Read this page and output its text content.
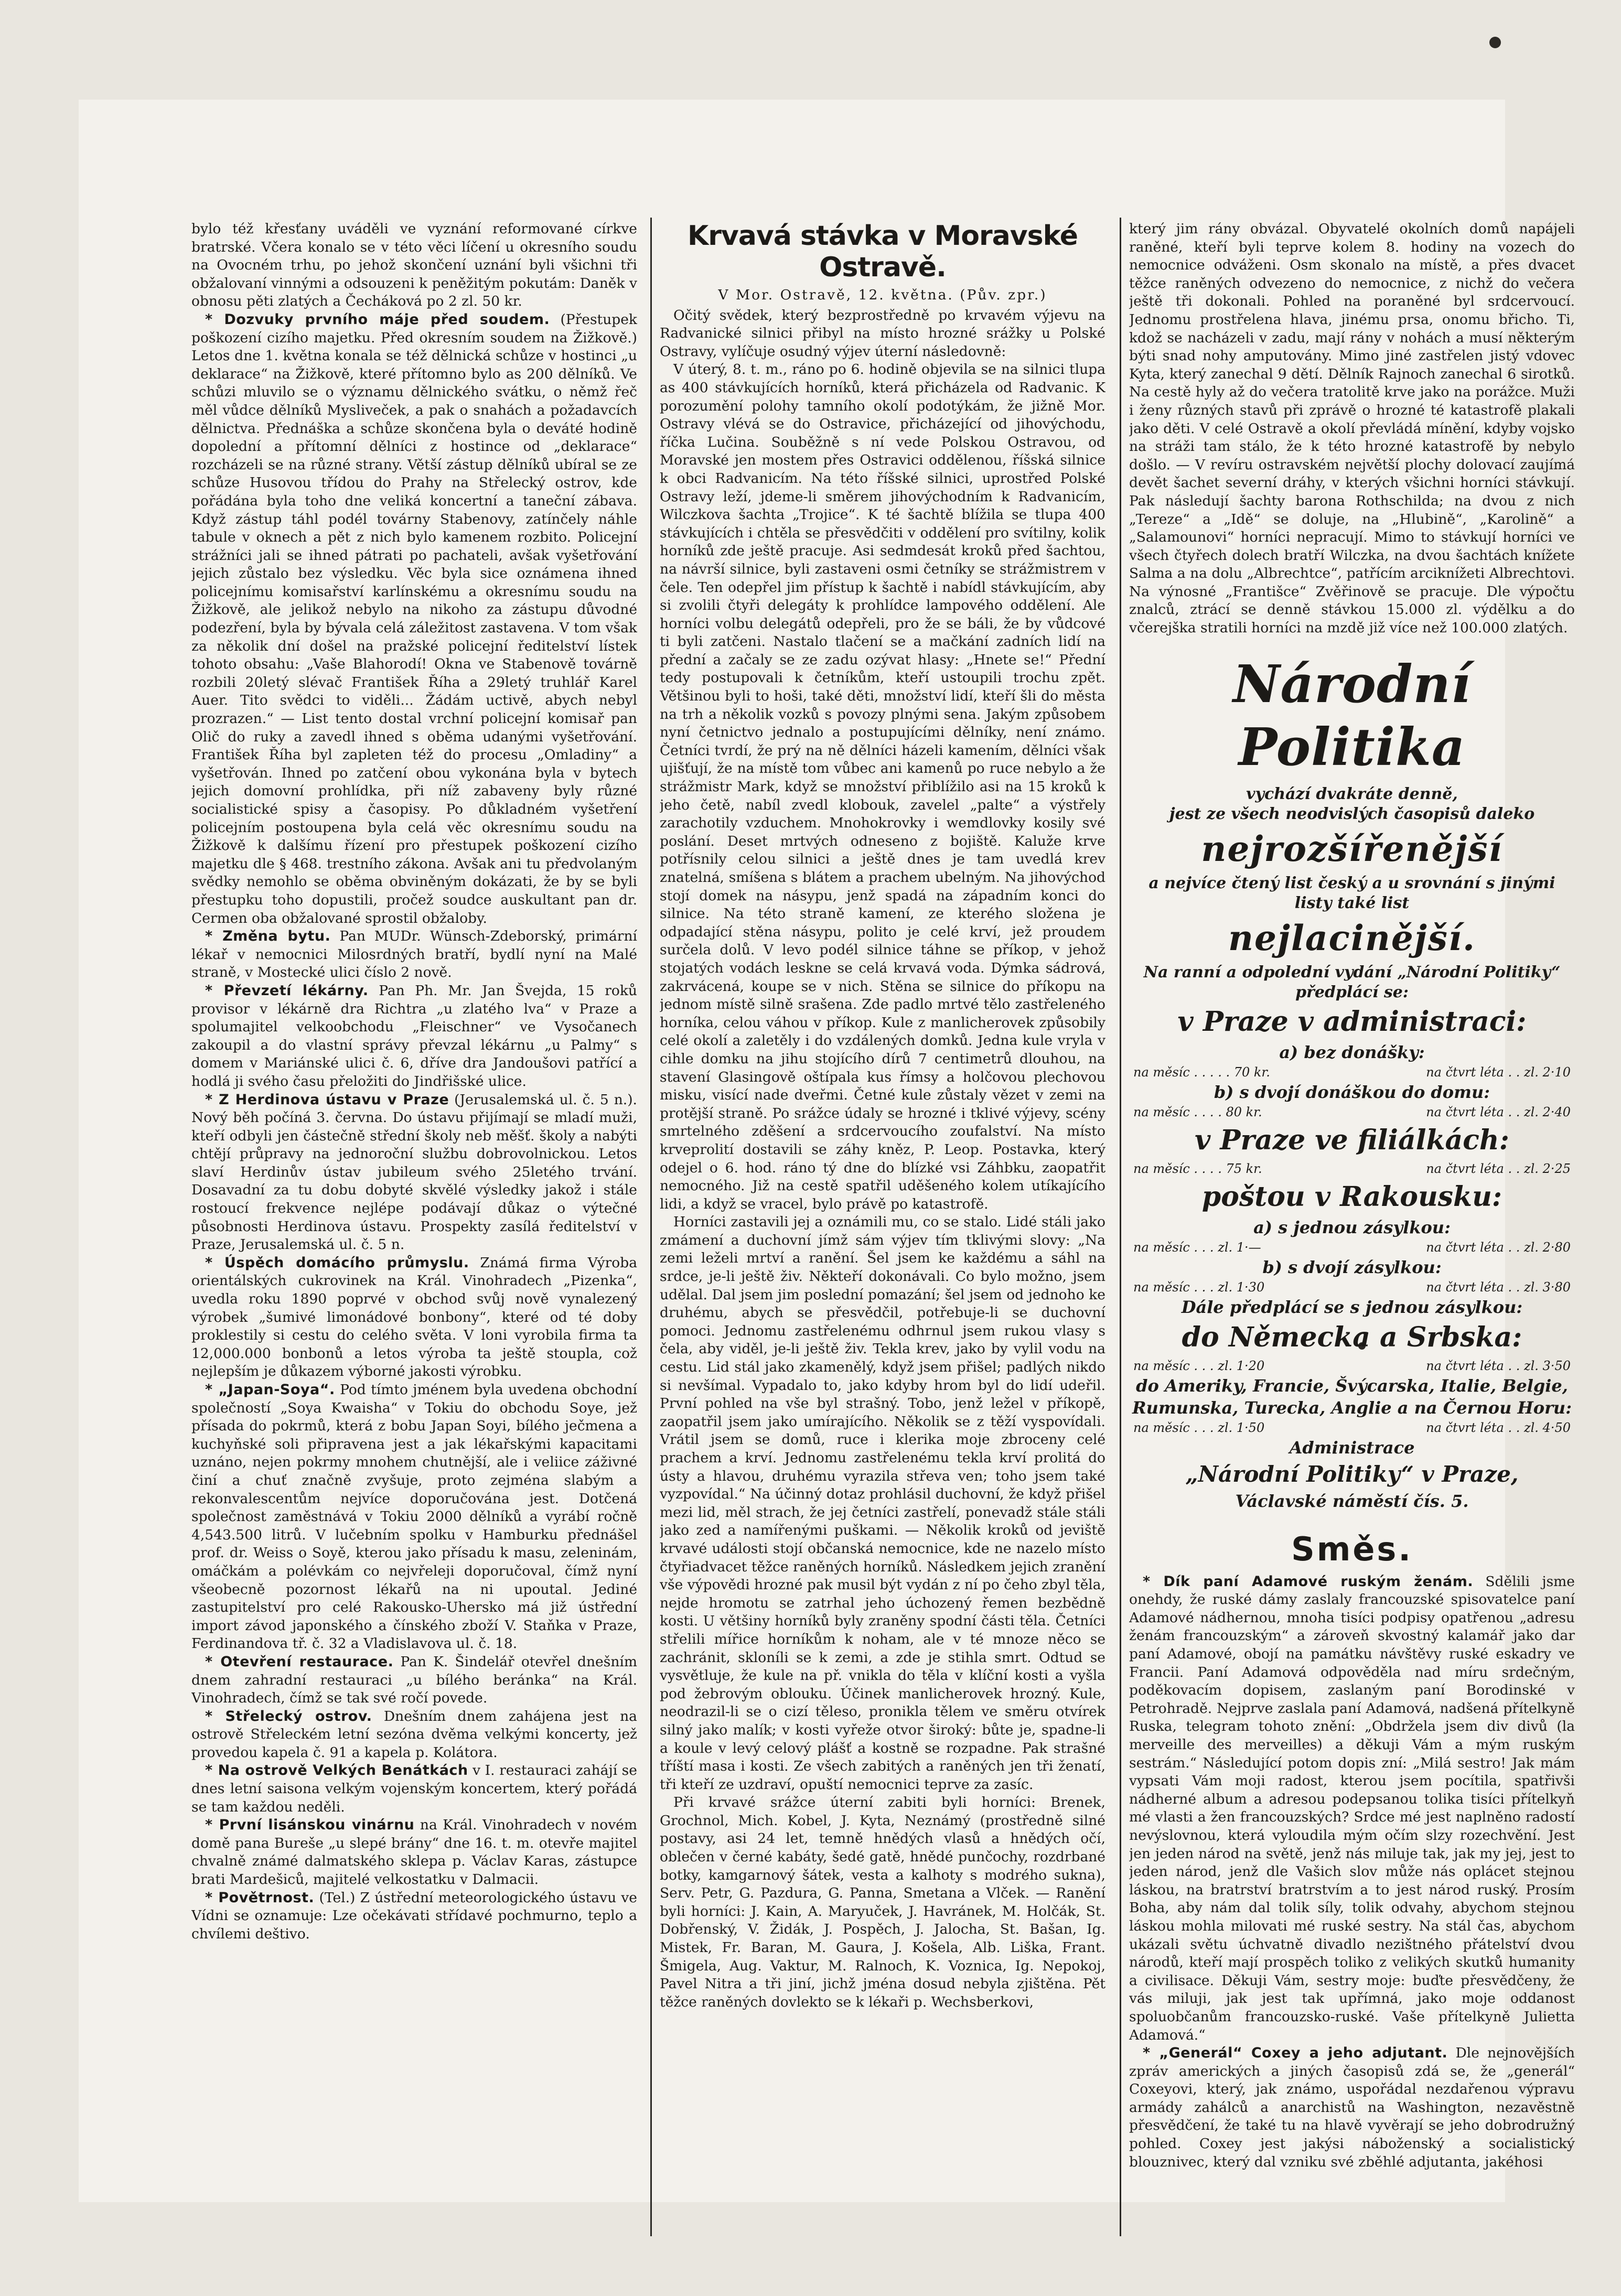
bylo též křesťany uváděli ve vyznání reformované církve bratrské. Včera konalo se v této věci líčení u okresního soudu na Ovocném trhu, po jehož skončení uznání byli všichni tři obžalovaní vinnými a odsouzeni k peněžitým pokutám: Daněk v obnosu pěti zlatých a Čecháková po 2 zl. 50 kr.

* Dozvuky prvního máje před soudem. (Přestupek poškození cizího majetku. Před okresním soudem na Žižkově.) Letos dne 1. května konala se též dělnická schůze v hostinci „u deklarace“ na Žižkově, které přítomno bylo as 200 dělníků. Ve schůzi mluvilo se o významu dělnického svátku, o němž řeč měl vůdce dělníků Mysliveček, a pak o snahách a požadavcích dělnictva. Přednáška a schůze skončena byla o deváté hodině dopolední a přítomní dělníci z hostince od „deklarace“ rozcházeli se na různé strany. Větší zástup dělníků ubíral se ze schůze Husovou třídou do Prahy na Střelecký ostrov, kde pořádána byla toho dne veliká koncertní a taneční zábava. Když zástup táhl podél továrny Stabenovy, zatínčely náhle tabule v oknech a pět z nich bylo kamenem rozbito. Policejní strážníci jali se ihned pátrati po pachateli, avšak vyšetřování jejich zůstalo bez výsledku. Věc byla sice oznámena ihned policejnímu komisařství karlínskému a okresnímu soudu na Žižkově, ale jelikož nebylo na nikoho za zástupu důvodné podezření, byla by bývala celá záležitost zastavena. V tom však za několik dní došel na pražské policejní ředitelství lístek tohoto obsahu: „Vaše Blahorodí! Okna ve Stabenově továrně rozbili 20letý slévač František Říha a 29letý truhlář Karel Auer. Tito svědci to viděli... Žádám uctivě, abych nebyl prozrazen.“ — List tento dostal vrchní policejní komisař pan Olič do ruky a zavedl ihned s oběma udanými vyšetřování. František Říha byl zapleten též do procesu „Omladiny“ a vyšetřován. Ihned po zatčení obou vykonána byla v bytech jejich domovní prohlídka, při níž zabaveny byly různé socialistické spisy a časopisy. Po důkladném vyšetření policejním postoupena byla celá věc okresnímu soudu na Žižkově k dalšímu řízení pro přestupek poškození cizího majetku dle § 468. trestního zákona. Avšak ani tu předvolaným svědky nemohlo se oběma obviněným dokázati, že by se byli přestupku toho dopustili, pročež soudce auskultant pan dr. Cermen oba obžalované sprostil obžaloby.

* Změna bytu. Pan MUDr. Wünsch-Zdeborský, primární lékař v nemocnici Milosrdných bratří, bydlí nyní na Malé straně, v Mostecké ulici číslo 2 nově.

* Převzetí lékárny. Pan Ph. Mr. Jan Švejda, 15 roků provisor v lékárně dra Richtra „u zlatého lva“ v Praze a spolumajitel velkoobchodu „Fleischner“ ve Vysočanech zakoupil a do vlastní správy převzal lékárnu „u Palmy“ s domem v Mariánské ulici č. 6, dříve dra Jandoušovi patřící a hodlá ji svého času přeložiti do Jindřišské ulice.

* Z Herdinova ústavu v Praze (Jerusalemská ul. č. 5 n.). Nový běh počíná 3. června. Do ústavu přijímají se mladí muži, kteří odbyli jen částečně střední školy neb měšť. školy a nabýti chtějí průpravy na jednoroční službu dobrovolnickou. Letos slaví Herdinův ústav jubileum svého 25letého trvání. Dosavadní za tu dobu dobyté skvělé výsledky jakož i stále rostoucí frekvence nejlépe podávají důkaz o výtečné působnosti Herdinova ústavu. Prospekty zasílá ředitelství v Praze, Jerusalemská ul. č. 5 n.

* Úspěch domácího průmyslu. Známá firma Výroba orientálských cukrovinek na Král. Vinohradech „Pizenka“, uvedla roku 1890 poprvé v obchod svůj nově vynalezený výrobek „šumivé limonádové bonbony“, které od té doby proklestily si cestu do celého světa. V loni vyrobila firma ta 12,000.000 bonbonů a letos výroba ta ještě stoupla, což nejlepším je důkazem výborné jakosti výrobku.

* „Japan-Soya“. Pod tímto jménem byla uvedena obchodní společností „Soya Kwaisha“ v Tokiu do obchodu Soye, jež přísada do pokrmů, která z bobu Japan Soyi, bílého ječmena a kuchyňské soli připravena jest a jak lékařskými kapacitami uznáno, nejen pokrmy mnohem chutnější, ale i veliice záživné činí a chuť značně zvyšuje, proto zejména slabým a rekonvalescentům nejvíce doporučována jest. Dotčená společnost zaměstnává v Tokiu 2000 dělníků a vyrábí ročně 4,543.500 litrů. V lučebním spolku v Hamburku přednášel prof. dr. Weiss o Soyě, kterou jako přísadu k masu, zeleninám, omáčkám a polévkám co nejvřeleji doporučoval, čímž nyní všeobecně pozornost lékařů na ni upoutal. Jediné zastupitelství pro celé Rakousko-Uhersko má již ústřední import závod japonského a čínského zboží V. Staňka v Praze, Ferdinandova tř. č. 32 a Vladislavova ul. č. 18.

* Otevření restaurace. Pan K. Šindelář otevřel dnešním dnem zahradní restauraci „u bílého beránka“ na Král. Vinohradech, čímž se tak své ročí povede.

* Střelecký ostrov. Dnešním dnem zahájena jest na ostrově Střeleckém letní sezóna dvěma velkými koncerty, jež provedou kapela č. 91 a kapela p. Kolátora.

* Na ostrově Velkých Benátkách v I. restauraci zahájí se dnes letní saisona velkým vojenským koncertem, který pořádá se tam každou neděli.

* První lisánskou vinárnu na Král. Vinohradech v novém domě pana Bureše „u slepé brány“ dne 16. t. m. otevře majitel chvalně známé dalmatského sklepa p. Václav Karas, zástupce brati Mardešiců, majitelé velkostatku v Dalmacii.

* Povětrnost. (Tel.) Z ústřední meteorologického ústavu ve Vídni se oznamuje: Lze očekávati střídavé pochmurno, teplo a chvílemi deštivo.

Krvavá stávka v Moravské Ostravě.
V Mor. Ostravě, 12. května. (Pův. zpr.)

Očitý svědek, který bezprostředně po krvavém výjevu na Radvanické silnici přibyl na místo hrozné srážky u Polské Ostravy, vylíčuje osudný výjev úterní následovně:

V úterý, 8. t. m., ráno po 6. hodině objevila se na silnici tlupa as 400 stávkujících horníků, která přicházela od Radvanic. K porozumění polohy tamního okolí podotýkám, že jižně Mor. Ostravy vlévá se do Ostravice, přicházející od jihovýchodu, říčka Lučina. Souběžně s ní vede Polskou Ostravou, od Moravské jen mostem přes Ostravici oddělenou, říšská silnice k obci Radvanicím. Na této říšské silnici, uprostřed Polské Ostravy leží, jdeme-li směrem jihovýchodním k Radvanicím, Wilczkova šachta „Trojice“. K té šachtě blížila se tlupa 400 stávkujících i chtěla se přesvědčiti v oddělení pro svítilny, kolik horníků zde ještě pracuje. Asi sedmdesát kroků před šachtou, na návrší silnice, byli zastaveni osmi četníky se strážmistrem v čele. Ten odepřel jim přístup k šachtě i nabídl stávkujícím, aby si zvolili čtyři delegáty k prohlídce lampového oddělení. Ale horníci volbu delegátů odepřeli, pro že se báli, že by vůdcové ti byli zatčeni. Nastalo tlačení se a mačkání zadních lidí na přední a začaly se ze zadu ozývat hlasy: „Hnete se!“ Přední tedy postupovali k četníkům, kteří ustoupili trochu zpět. Většinou byli to hoši, také děti, množství lidí, kteří šli do města na trh a několik vozků s povozy plnými sena. Jakým způsobem nyní četnictvo jednalo a postupujícími dělníky, není známo. Četníci tvrdí, že prý na ně dělníci házeli kamením, dělníci však ujišťují, že na místě tom vůbec ani kamenů po ruce nebylo a že strážmistr Mark, když se množství přiblížilo asi na 15 kroků k jeho četě, nabíl zvedl klobouk, zavelel „palte“ a výstřely zarachotily vzduchem. Mnohokrovky i wemdlovky kosily své poslání. Deset mrtvých odneseno z bojiště. Kaluže krve potřísnily celou silnici a ještě dnes je tam uvedlá krev znatelná, smíšena s blátem a prachem ubelným. Na jihovýchod stojí domek na násypu, jenž spadá na západním konci do silnice. Na této straně kamení, ze kterého složena je odpadající stěna násypu, polito je celé krví, jež proudem surčela dolů. V levo podél silnice táhne se příkop, v jehož stojatých vodách leskne se celá krvavá voda. Dýmka sádrová, zakrvácená, koupe se v nich. Stěna se silnice do příkopu na jednom místě silně srašena. Zde padlo mrtvé tělo zastřeleného horníka, celou váhou v příkop. Kule z manlicherovek způsobily celé okolí a zaletěly i do vzdálených domků. Jedna kule vryla v cihle domku na jihu stojícího dírů 7 centimetrů dlouhou, na stavení Glasingově oštípala kus římsy a holčovou plechovou misku, visící nade dveřmi. Četné kule zůstaly vězet v zemi na protější straně. Po srážce údaly se hrozné i tklivé výjevy, scény smrtelného zděšení a srdcervoucího zoufalství. Na místo krveprolití dostavili se záhy kněz, P. Leop. Postavka, který odejel o 6. hod. ráno tý dne do blízké vsi Záhbku, zaopatřit nemocného. Již na cestě spatřil uděšeného kolem utíkajícího lidi, a když se vracel, bylo právě po katastrofě.

Horníci zastavili jej a oznámili mu, co se stalo. Lidé stáli jako zmámení a duchovní jímž sám výjev tím tklivými slovy: „Na zemi leželi mrtví a ranění. Šel jsem ke každému a sáhl na srdce, je-li ještě živ. Někteří dokonávali. Co bylo možno, jsem udělal. Dal jsem jim poslední pomazání; šel jsem od jednoho ke druhému, abych se přesvědčil, potřebuje-li se duchovní pomoci. Jednomu zastřelenému odhrnul jsem rukou vlasy s čela, aby viděl, je-li ještě živ. Tekla krev, jako by vylil vodu na cestu. Lid stál jako zkamenělý, když jsem přišel; padlých nikdo si nevšímal. Vypadalo to, jako kdyby hrom byl do lidí udeřil. První pohled na vše byl strašný. Tobo, jenž ležel v příkopě, zaopatřil jsem jako umírajícího. Několik se z těží vyspovídali. Vrátil jsem se domů, ruce i klerika moje zbroceny celé prachem a krví. Jednomu zastřelenému tekla krví prolitá do ústy a hlavou, druhému vyrazila střeva ven; toho jsem také vyzpovídal.“ Na účinný dotaz prohlásil duchovní, že když přišel mezi lid, měl strach, že jej četníci zastřelí, ponevadž stále stáli jako zed a namířenými puškami. — Několik kroků od jeviště krvavé události stojí občanská nemocnice, kde ne nazelo místo čtyřiadvacet těžce raněných horníků. Následkem jejich zranění vše výpovědi hrozné pak musil být vydán z ní po čeho zbyl těla, nejde hromotu se zatrhal jeho úchozený řemen bezbědně kosti. U většiny horníků byly zraněny spodní části těla. Četníci střelili mířice horníkům k noham, ale v té mnoze něco se zachránit, skloníli se k zemi, a zde je stihla smrt. Odtud se vysvětluje, že kule na př. vnikla do těla v klíční kosti a vyšla pod žebrovým oblouku. Účinek manlicherovek hrozný. Kule, neodrazil-li se o cizí těleso, pronikla tělem ve směru otvírek silný jako malík; v kosti vyřeže otvor široký: bůte je, spadne-li a koule v levý celový plášť a kostně se rozpadne. Pak strašné tříští masa i kosti. Ze všech zabitých a raněných jen tři ženatí, tři kteří ze uzdraví, opuští nemocnici teprve za zasíc.

Při krvavé srážce úterní zabiti byli horníci: Brenek, Grochnol, Mich. Kobel, J. Kyta, Neznámý (prostředně silné postavy, asi 24 let, temně hnědých vlasů a hnědých očí, oblečen v černé kabáty, šedé gatě, hnědé punčochy, rozdrbané botky, kamgarnový šátek, vesta a kalhoty s modrého sukna), Serv. Petr, G. Pazdura, G. Panna, Smetana a Vlček. — Ranění byli horníci: J. Kain, A. Maryuček, J. Havránek, M. Holčák, St. Dobřenský, V. Židák, J. Pospěch, J. Jalocha, St. Bašan, Ig. Mistek, Fr. Baran, M. Gaura, J. Košela, Alb. Liška, Frant. Šmigela, Aug. Vaktur, M. Ralnoch, K. Voznica, Ig. Nepokoj, Pavel Nitra a tři jiní, jichž jména dosud nebyla zjištěna. Pět těžce raněných dovlekto se k lékaři p. Wechsberkovi,

který jim rány obvázal. Obyvatelé okolních domů napájeli raněné, kteří byli teprve kolem 8. hodiny na vozech do nemocnice odváženi. Osm skonalo na místě, a přes dvacet těžce raněných odvezeno do nemocnice, z nichž do večera ještě tři dokonali. Pohled na poraněné byl srdcervoucí. Jednomu prostřelena hlava, jinému prsa, onomu břicho. Ti, kdož se nacházeli v zadu, mají rány v nohách a musí některým býti snad nohy amputovány. Mimo jiné zastřelen jistý vdovec Kyta, který zanechal 9 dětí. Dělník Rajnoch zanechal 6 sirotků. Na cestě hyly až do večera tratolitě krve jako na porážce. Muži i ženy různých stavů při zprávě o hrozné té katastrofě plakali jako děti. V celé Ostravě a okolí převládá mínění, kdyby vojsko na stráži tam stálo, že k této hrozné katastrofě by nebylo došlo. — V revíru ostravském největší plochy dolovací zaujímá devět šachet severní dráhy, v kterých všichni horníci stávkují. Pak následují šachty barona Rothschilda; na dvou z nich „Tereze“ a „Idě“ se doluje, na „Hlubině“, „Karolině“ a „Salamounovi“ horníci nepracují. Mimo to stávkují horníci ve všech čtyřech dolech bratří Wilczka, na dvou šachtách knížete Salma a na dolu „Albrechtce“, patřícím arciknížeti Albrechtovi. Na výnosné „Františce“ Zvěřinově se pracuje. Dle výpočtu znalců, ztrácí se denně stávkou 15.000 zl. výdělku a do včerejška stratili horníci na mzdě již více než 100.000 zlatých.

Národní Politika
vychází dvakráte denně,
jest ze všech neodvislých časopisů daleko
nejrozšířenější
a nejvíce čtený list český a u srovnání s jinými listy také list
nejlacinější.
Na ranní a odpolední vydání „Národní Politiky“ předplácí se:
v Praze v administraci:
a) bez donášky:
na měsíc . . . . . 70 kr.	na čtvrt léta . . zl. 2·10
b) s dvojí donáškou do domu:
na měsíc . . . . 80 kr.	na čtvrt léta . . zl. 2·40
v Praze ve filiálkách:
na měsíc . . . . 75 kr.	na čtvrt léta . . zl. 2·25
poštou v Rakousku:
a) s jednou zásylkou:
na měsíc . . . zl. 1·—	na čtvrt léta . . zl. 2·80
b) s dvojí zásylkou:
na měsíc . . . zl. 1·30	na čtvrt léta . . zl. 3·80
Dále předplácí se s jednou zásylkou:
do Německa a Srbska:
na měsíc . . . zl. 1·20	na čtvrt léta . . zl. 3·50
do Ameriky, Francie, Švýcarska, Italie, Belgie, Rumunska, Turecka, Anglie a na Černou Horu:
na měsíc . . . zl. 1·50	na čtvrt léta . . zl. 4·50
Administrace
„Národní Politiky“ v Praze,
Václavské náměstí čís. 5.
Směs.

* Dík paní Adamové ruským ženám. Sdělili jsme onehdy, že ruské dámy zaslaly francouzské spisovatelce paní Adamové nádhernou, mnoha tisíci podpisy opatřenou „adresu ženám francouzským“ a zároveň skvostný kalamář jako dar paní Adamové, obojí na památku návštěvy ruské eskadry ve Francii. Paní Adamová odpověděla nad míru srdečným, poděkovacím dopisem, zaslaným paní Borodinské v Petrohradě. Nejprve zaslala paní Adamová, nadšená přítelkyně Ruska, telegram tohoto znění: „Obdržela jsem div divů (la merveille des merveilles) a děkuji Vám a mým ruským sestrám.“ Následující potom dopis zní: „Milá sestro! Jak mám vypsati Vám moji radost, kterou jsem pocítila, spatřivši nádherné album a adresou podepsanou tolika tisíci přítelkyň mé vlasti a žen francouzských? Srdce mé jest naplněno radostí nevýslovnou, která vyloudila mým očím slzy rozechvění. Jest jen jeden národ na světě, jenž nás miluje tak, jak my jej, jest to jeden národ, jenž dle Vašich slov může nás oplácet stejnou láskou, na bratrství bratrstvím a to jest národ ruský. Prosím Boha, aby nám dal tolik síly, tolik odvahy, abychom stejnou láskou mohla milovati mé ruské sestry. Na stál čas, abychom ukázali světu úchvatně divadlo nezištného přátelství dvou národů, kteří mají prospěch toliko z velikých skutků humanity a civilisace. Děkuji Vám, sestry moje: buďte přesvědčeny, že vás miluji, jak jest tak upřímná, jako moje oddanost spoluobčanům francouzsko-ruské. Vaše přítelkyně Julietta Adamová.“

* „Generál“ Coxey a jeho adjutant. Dle nejnovějších zpráv amerických a jiných časopisů zdá se, že „generál“ Coxeyovi, který, jak známo, uspořádal nezdařenou výpravu armády zahálců a anarchistů na Washington, nezavěstně přesvědčení, že také tu na hlavě vyvěrají se jeho dobrodružný pohled. Coxey jest jakýsi náboženský a socialistický blouznivec, který dal vzniku své zběhlé adjutanta, jakéhosi
